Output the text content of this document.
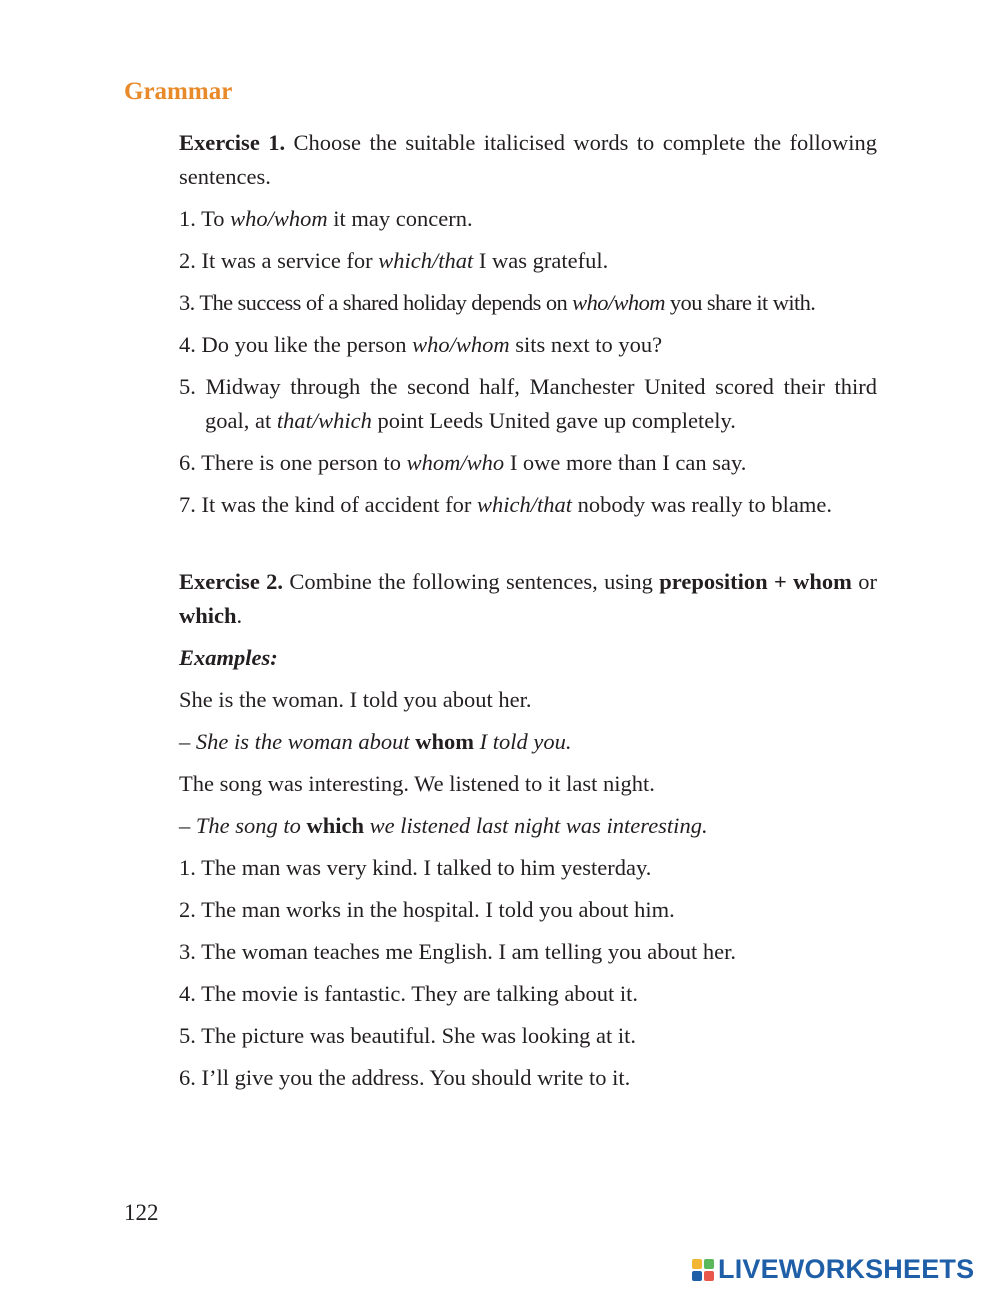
Grammar

Exercise 1. Choose the suitable italicised words to complete the following sentences.

1. To who/whom it may concern.

2. It was a service for which/that I was grateful.

3. The success of a shared holiday depends on who/whom you share it with.

4. Do you like the person who/whom sits next to you?

5. Midway through the second half, Manchester United scored their third goal, at that/which point Leeds United gave up completely.

6. There is one person to whom/who I owe more than I can say.

7. It was the kind of accident for which/that nobody was really to blame.

Exercise 2. Combine the following sentences, using preposition + whom or which.

Examples:

She is the woman. I told you about her.

– She is the woman about whom I told you.

The song was interesting. We listened to it last night.

– The song to which we listened last night was interesting.

1. The man was very kind. I talked to him yesterday.

2. The man works in the hospital. I told you about him.

3. The woman teaches me English. I am telling you about her.

4. The movie is fantastic. They are talking about it.

5. The picture was beautiful. She was looking at it.

6. I’ll give you the address. You should write to it.

122
LIVEWORKSHEETS
